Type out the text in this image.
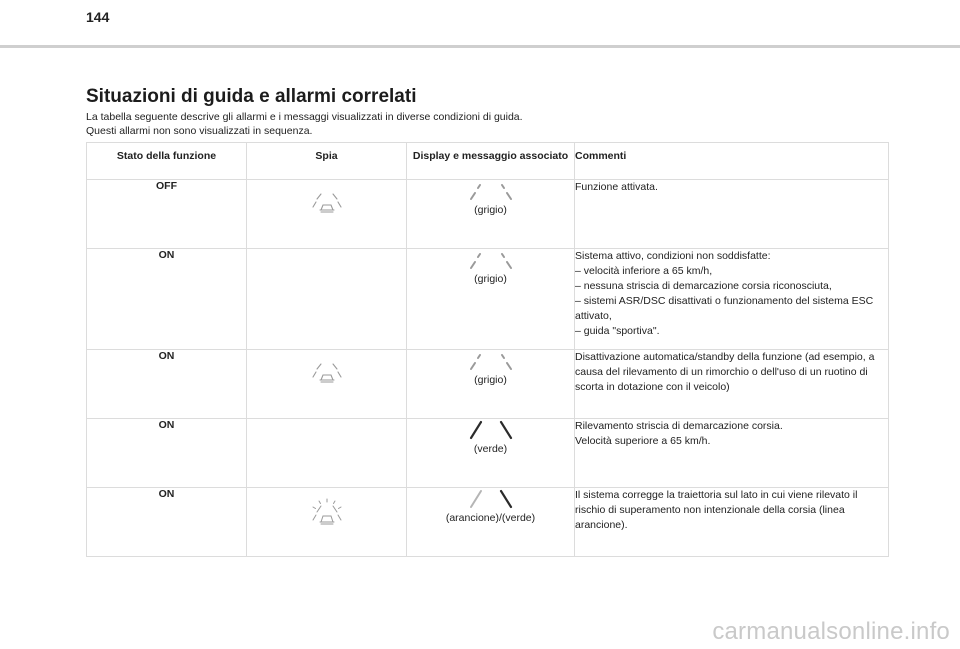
144
Situazioni di guida e allarmi correlati

La tabella seguente descrive gli allarmi e i messaggi visualizzati in diverse condizioni di guida.

Questi allarmi non sono visualizzati in sequenza.

Stato della funzione	Spia	Display e messaggio associato	Commenti
OFF		(grigio)	Funzione attivata.

ON		(grigio)	Sistema attivo, condizioni non soddisfatte:

– velocità inferiore a 65 km/h,

– nessuna striscia di demarcazione corsia riconosciuta,

– sistemi ASR/DSC disattivati o funzionamento del sistema ESC attivato,

– guida "sportiva".

ON		(grigio)	Disattivazione automatica/standby della funzione (ad esempio, a causa del rilevamento di un rimorchio o dell'uso di un ruotino di scorta in dotazione con il veicolo)

ON		(verde)	Rilevamento striscia di demarcazione corsia.

Velocità superiore a 65 km/h.

ON		(arancione)/(verde)	Il sistema corregge la traiettoria sul lato in cui viene rilevato il rischio di superamento non intenzionale della corsia (linea arancione).

carmanualsonline.info
